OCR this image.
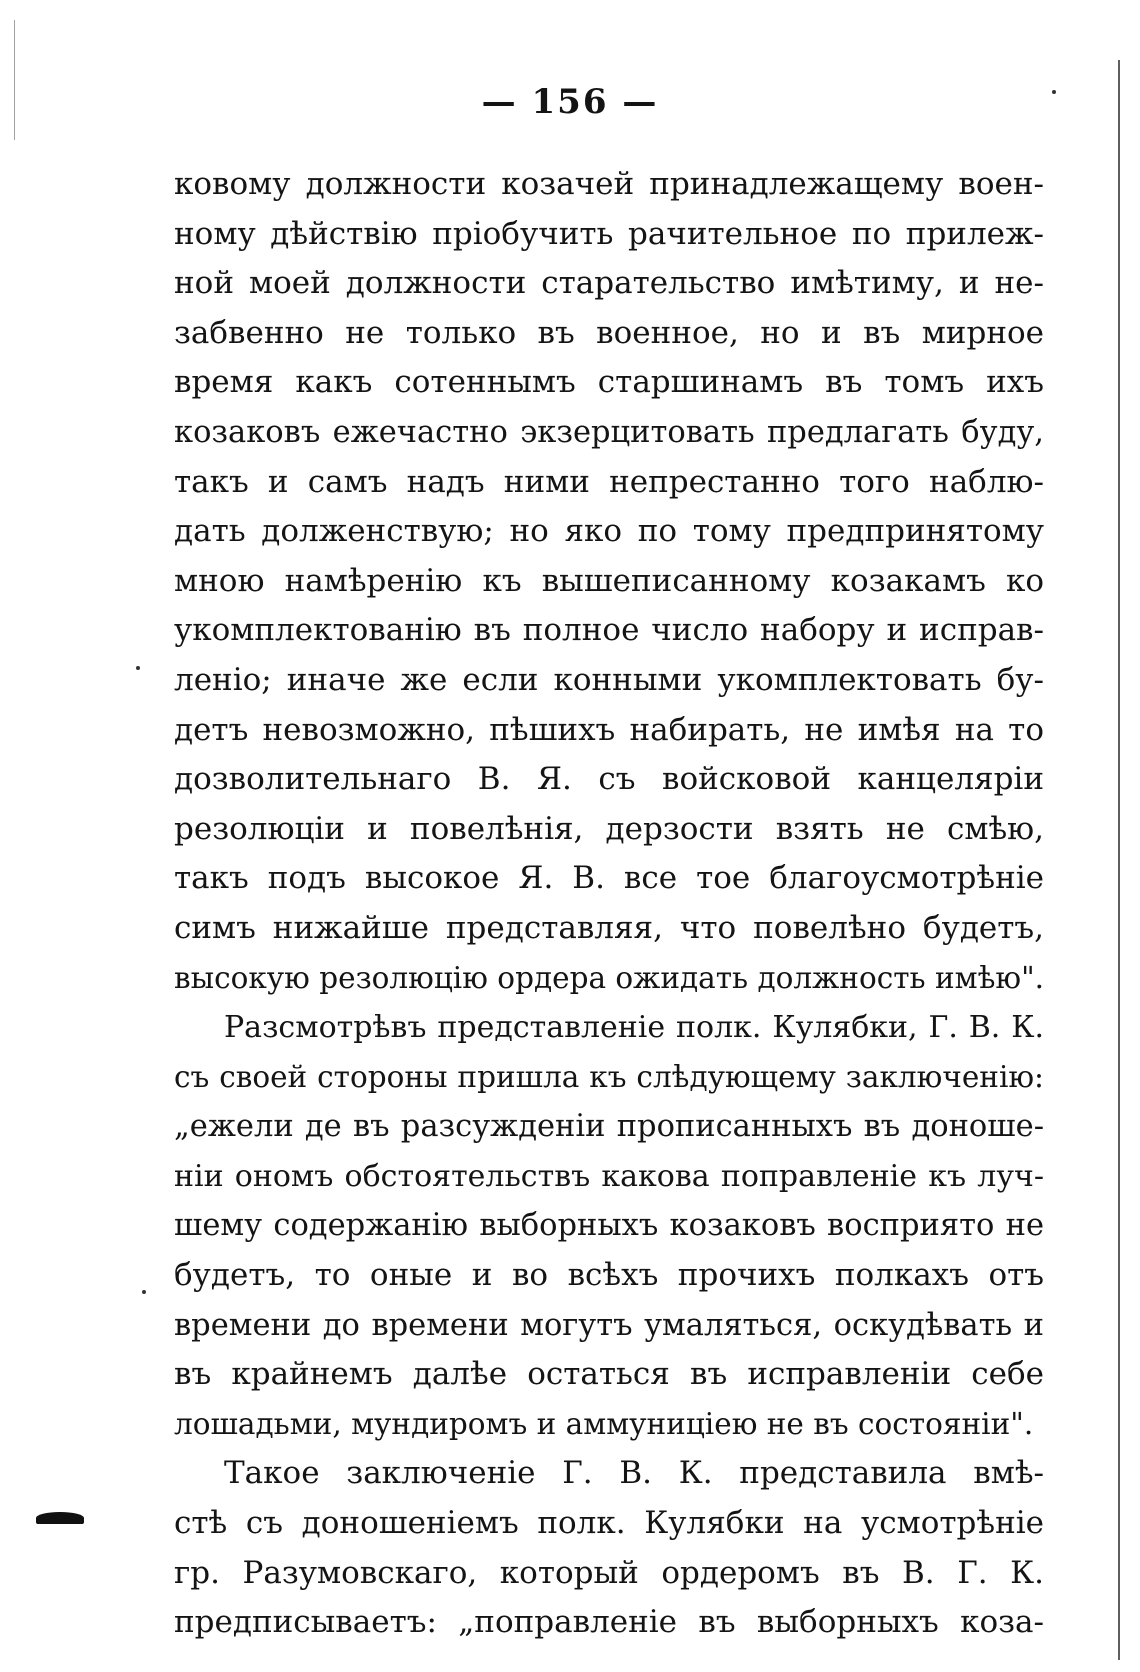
— 156 —
ковому должности козачей принадлежащему воен-
ному дѣйствію пріобучить рачительное по прилеж-
ной моей должности старательство имѣтиму, и не-
забвенно не только въ военное, но и въ мирное
время какъ сотеннымъ старшинамъ въ томъ ихъ
козаковъ ежечастно экзерцитовать предлагать буду,
такъ и самъ надъ ними непрестанно того наблю-
дать долженствую; но яко по тому предпринятому
мною намѣренію къ вышеписанному козакамъ ко
укомплектованію въ полное число набору и исправ-
леніо; иначе же если конными укомплектовать бу-
детъ невозможно, пѣшихъ набирать, не имѣя на то
дозволительнаго В. Я. съ войсковой канцеляріи
резолюціи и повелѣнія, дерзости взять не смѣю,
такъ подъ высокое Я. В. все тое благоусмотрѣніе
симъ нижайше представляя, что повелѣно будетъ,
высокую резолюцію ордера ожидать должность имѣю".
Разсмотрѣвъ представленіе полк. Кулябки, Г. В. К.
съ своей стороны пришла къ слѣдующему заключенію:
„ежели де въ разсужденіи прописанныхъ въ доноше-
ніи ономъ обстоятельствъ какова поправленіе къ луч-
шему содержанію выборныхъ козаковъ восприято не
будетъ, то оные и во всѣхъ прочихъ полкахъ отъ
времени до времени могутъ умаляться, оскудѣвать и
въ крайнемъ далѣе остаться въ исправленіи себе
лошадьми, мундиромъ и аммуниціею не въ состояніи".
Такое заключеніе Г. В. К. представила вмѣ-
стѣ съ доношеніемъ полк. Кулябки на усмотрѣніе
гр. Разумовскаго, который ордеромъ въ В. Г. К.
предписываетъ: „поправленіе въ выборныхъ коза-
